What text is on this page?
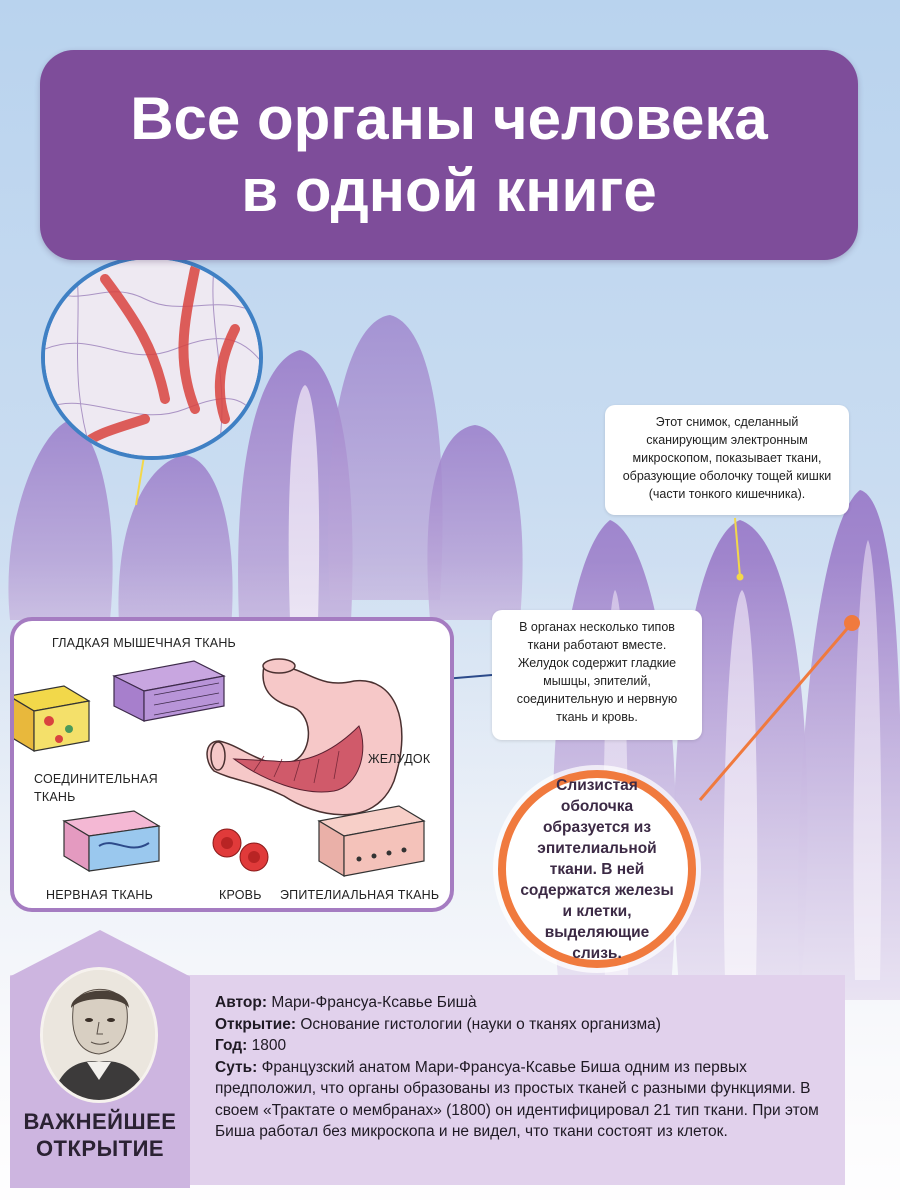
Все органы человека
в одной книге
Этот снимок, сделанный сканирующим электронным микроскопом, показывает ткани, образующие оболочку тощей кишки (части тонкого кишечника).
В органах несколько типов ткани работают вместе. Желудок содержит гладкие мышцы, эпителий, соединительную и нервную ткань и кровь.
Слизистая оболочка образуется из эпителиальной ткани. В ней содержатся железы и клетки, выделяющие слизь.
ГЛАДКАЯ МЫШЕЧНАЯ ТКАНЬ
СОЕДИНИТЕЛЬНАЯ
ТКАНЬ
ЖЕЛУДОК
НЕРВНАЯ ТКАНЬ	КРОВЬ ЭПИТЕЛИАЛЬНАЯ ТКАНЬ
ВАЖНЕЙШЕЕ
ОТКРЫТИЕ
Автор: Мари-Франсуа-Ксавье Биша̀
Открытие: Основание гистологии (науки о тканях организма)
Год: 1800
Суть: Французский анатом Мари-Франсуа-Ксавье Биша одним из первых предположил, что органы образованы из простых тканей с разными функциями. В своем «Трактате о мембранах» (1800) он идентифицировал 21 тип ткани. При этом Биша работал без микроскопа и не видел, что ткани состоят из клеток.
